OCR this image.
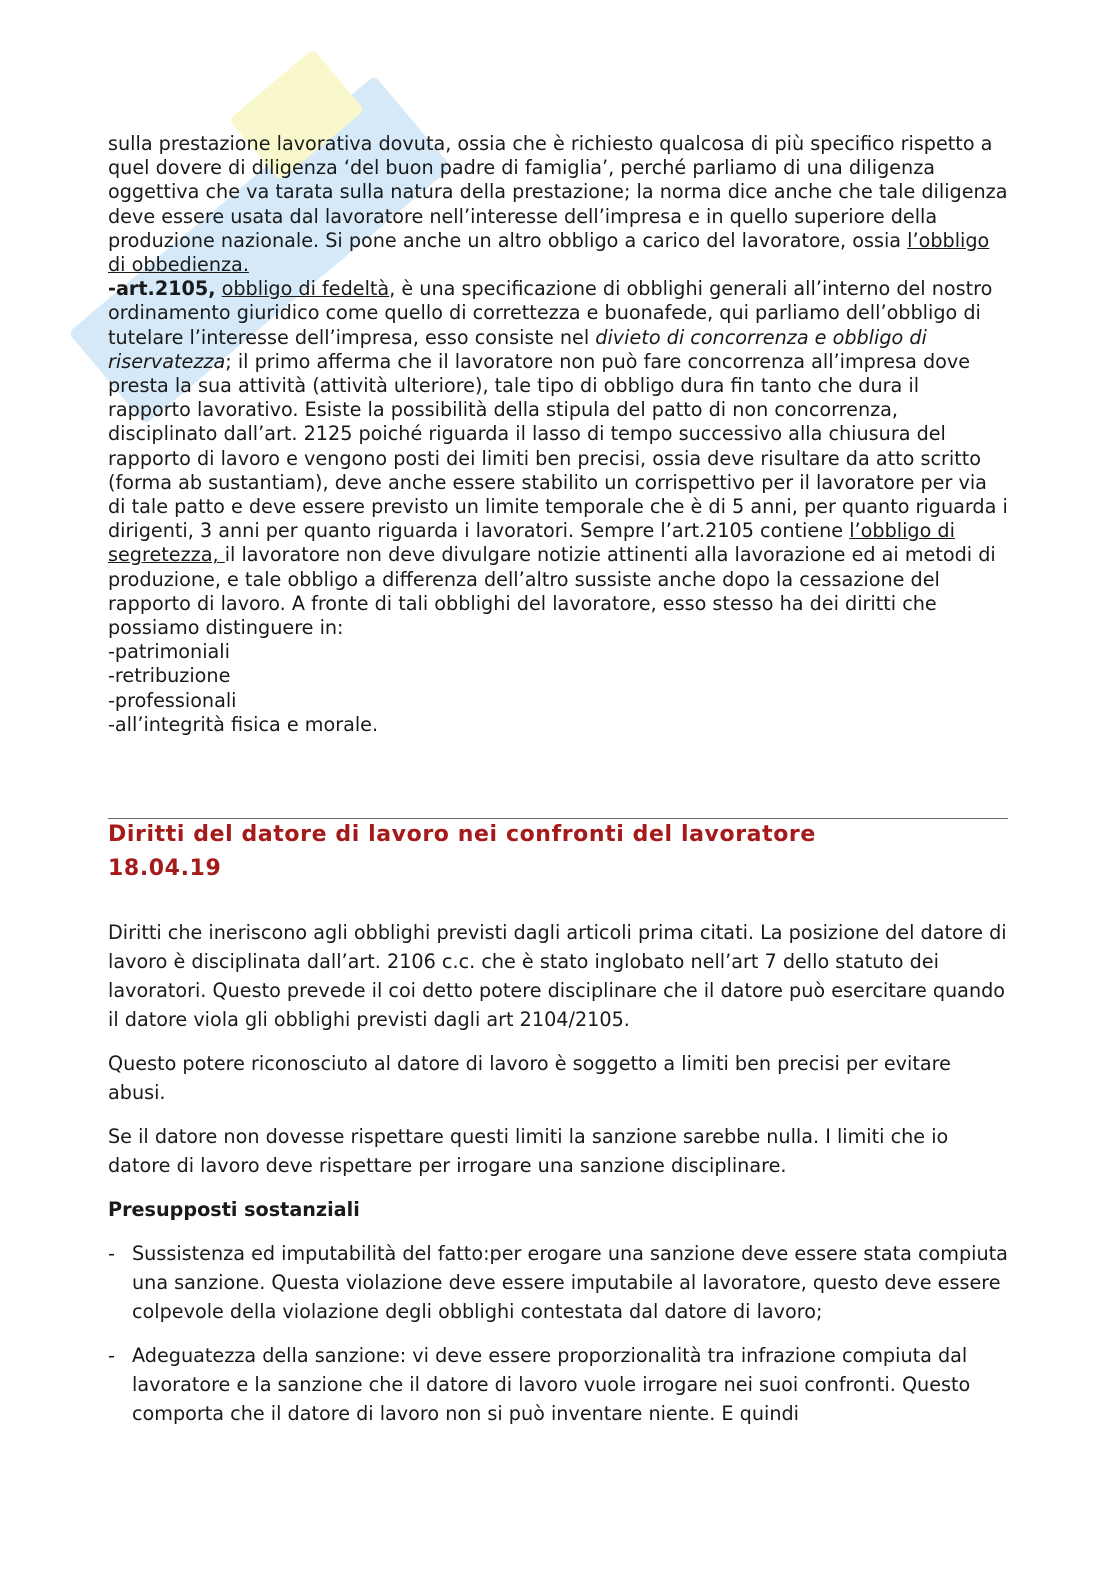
sulla prestazione lavorativa dovuta, ossia che è richiesto qualcosa di più specifico rispetto a quel dovere di diligenza ‘del buon padre di famiglia’, perché parliamo di una diligenza oggettiva che va tarata sulla natura della prestazione; la norma dice anche che tale diligenza deve essere usata dal lavoratore nell’interesse dell’impresa e in quello superiore della produzione nazionale. Si pone anche un altro obbligo a carico del lavoratore, ossia l’obbligo di obbedienza.

-art.2105, obbligo di fedeltà, è una specificazione di obblighi generali all’interno del nostro ordinamento giuridico come quello di correttezza e buonafede, qui parliamo dell’obbligo di tutelare l’interesse dell’impresa, esso consiste nel divieto di concorrenza e obbligo di riservatezza; il primo afferma che il lavoratore non può fare concorrenza all’impresa dove presta la sua attività (attività ulteriore), tale tipo di obbligo dura fin tanto che dura il rapporto lavorativo. Esiste la possibilità della stipula del patto di non concorrenza, disciplinato dall’art. 2125 poiché riguarda il lasso di tempo successivo alla chiusura del rapporto di lavoro e vengono posti dei limiti ben precisi, ossia deve risultare da atto scritto (forma ab sustantiam), deve anche essere stabilito un corrispettivo per il lavoratore per via di tale patto e deve essere previsto un limite temporale che è di 5 anni, per quanto riguarda i dirigenti, 3 anni per quanto riguarda i lavoratori. Sempre l’art.2105 contiene l’obbligo di segretezza, il lavoratore non deve divulgare notizie attinenti alla lavorazione ed ai metodi di produzione, e tale obbligo a differenza dell’altro sussiste anche dopo la cessazione del rapporto di lavoro. A fronte di tali obblighi del lavoratore, esso stesso ha dei diritti che possiamo distinguere in:

-patrimoniali
-retribuzione
-professionali
-all’integrità fisica e morale.
Diritti del datore di lavoro nei confronti del lavoratore
18.04.19

Diritti che ineriscono agli obblighi previsti dagli articoli prima citati. La posizione del datore di lavoro è disciplinata dall’art. 2106 c.c. che è stato inglobato nell’art 7 dello statuto dei lavoratori. Questo prevede il coi detto potere disciplinare che il datore può esercitare quando il datore viola gli obblighi previsti dagli art 2104/2105.

Questo potere riconosciuto al datore di lavoro è soggetto a limiti ben precisi per evitare abusi.

Se il datore non dovesse rispettare questi limiti la sanzione sarebbe nulla. I limiti che io datore di lavoro deve rispettare per irrogare una sanzione disciplinare.

Presupposti sostanziali

- Sussistenza ed imputabilità del fatto:per erogare una sanzione deve essere stata compiuta una sanzione. Questa violazione deve essere imputabile al lavoratore, questo deve essere colpevole della violazione degli obblighi contestata dal datore di lavoro;
- Adeguatezza della sanzione: vi deve essere proporzionalità tra infrazione compiuta dal lavoratore e la sanzione che il datore di lavoro vuole irrogare nei suoi confronti. Questo comporta che il datore di lavoro non si può inventare niente. E quindi
